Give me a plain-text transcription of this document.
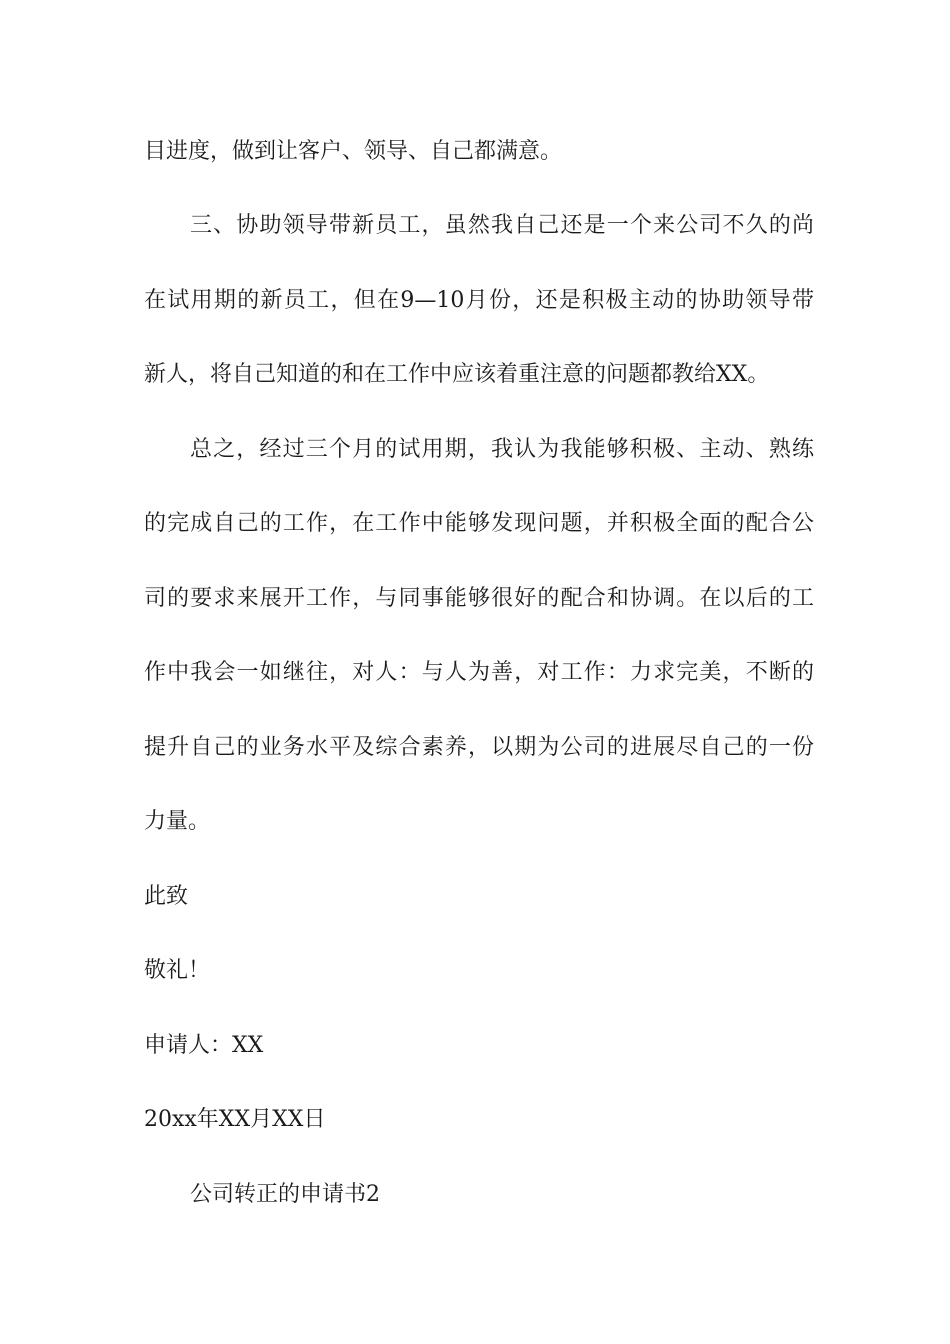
目进度，做到让客户、领导、自己都满意。
三、协助领导带新员工，虽然我自己还是一个来公司不久的尚
在试用期的新员工，但在9—10月份，还是积极主动的协助领导带
新人，将自己知道的和在工作中应该着重注意的问题都教给XX。
总之，经过三个月的试用期，我认为我能够积极、主动、熟练
的完成自己的工作，在工作中能够发现问题，并积极全面的配合公
司的要求来展开工作，与同事能够很好的配合和协调。在以后的工
作中我会一如继往，对人：与人为善，对工作：力求完美，不断的
提升自己的业务水平及综合素养，以期为公司的进展尽自己的一份
力量。
此致
敬礼！
申请人：XX
20xx年XX月XX日
公司转正的申请书2
